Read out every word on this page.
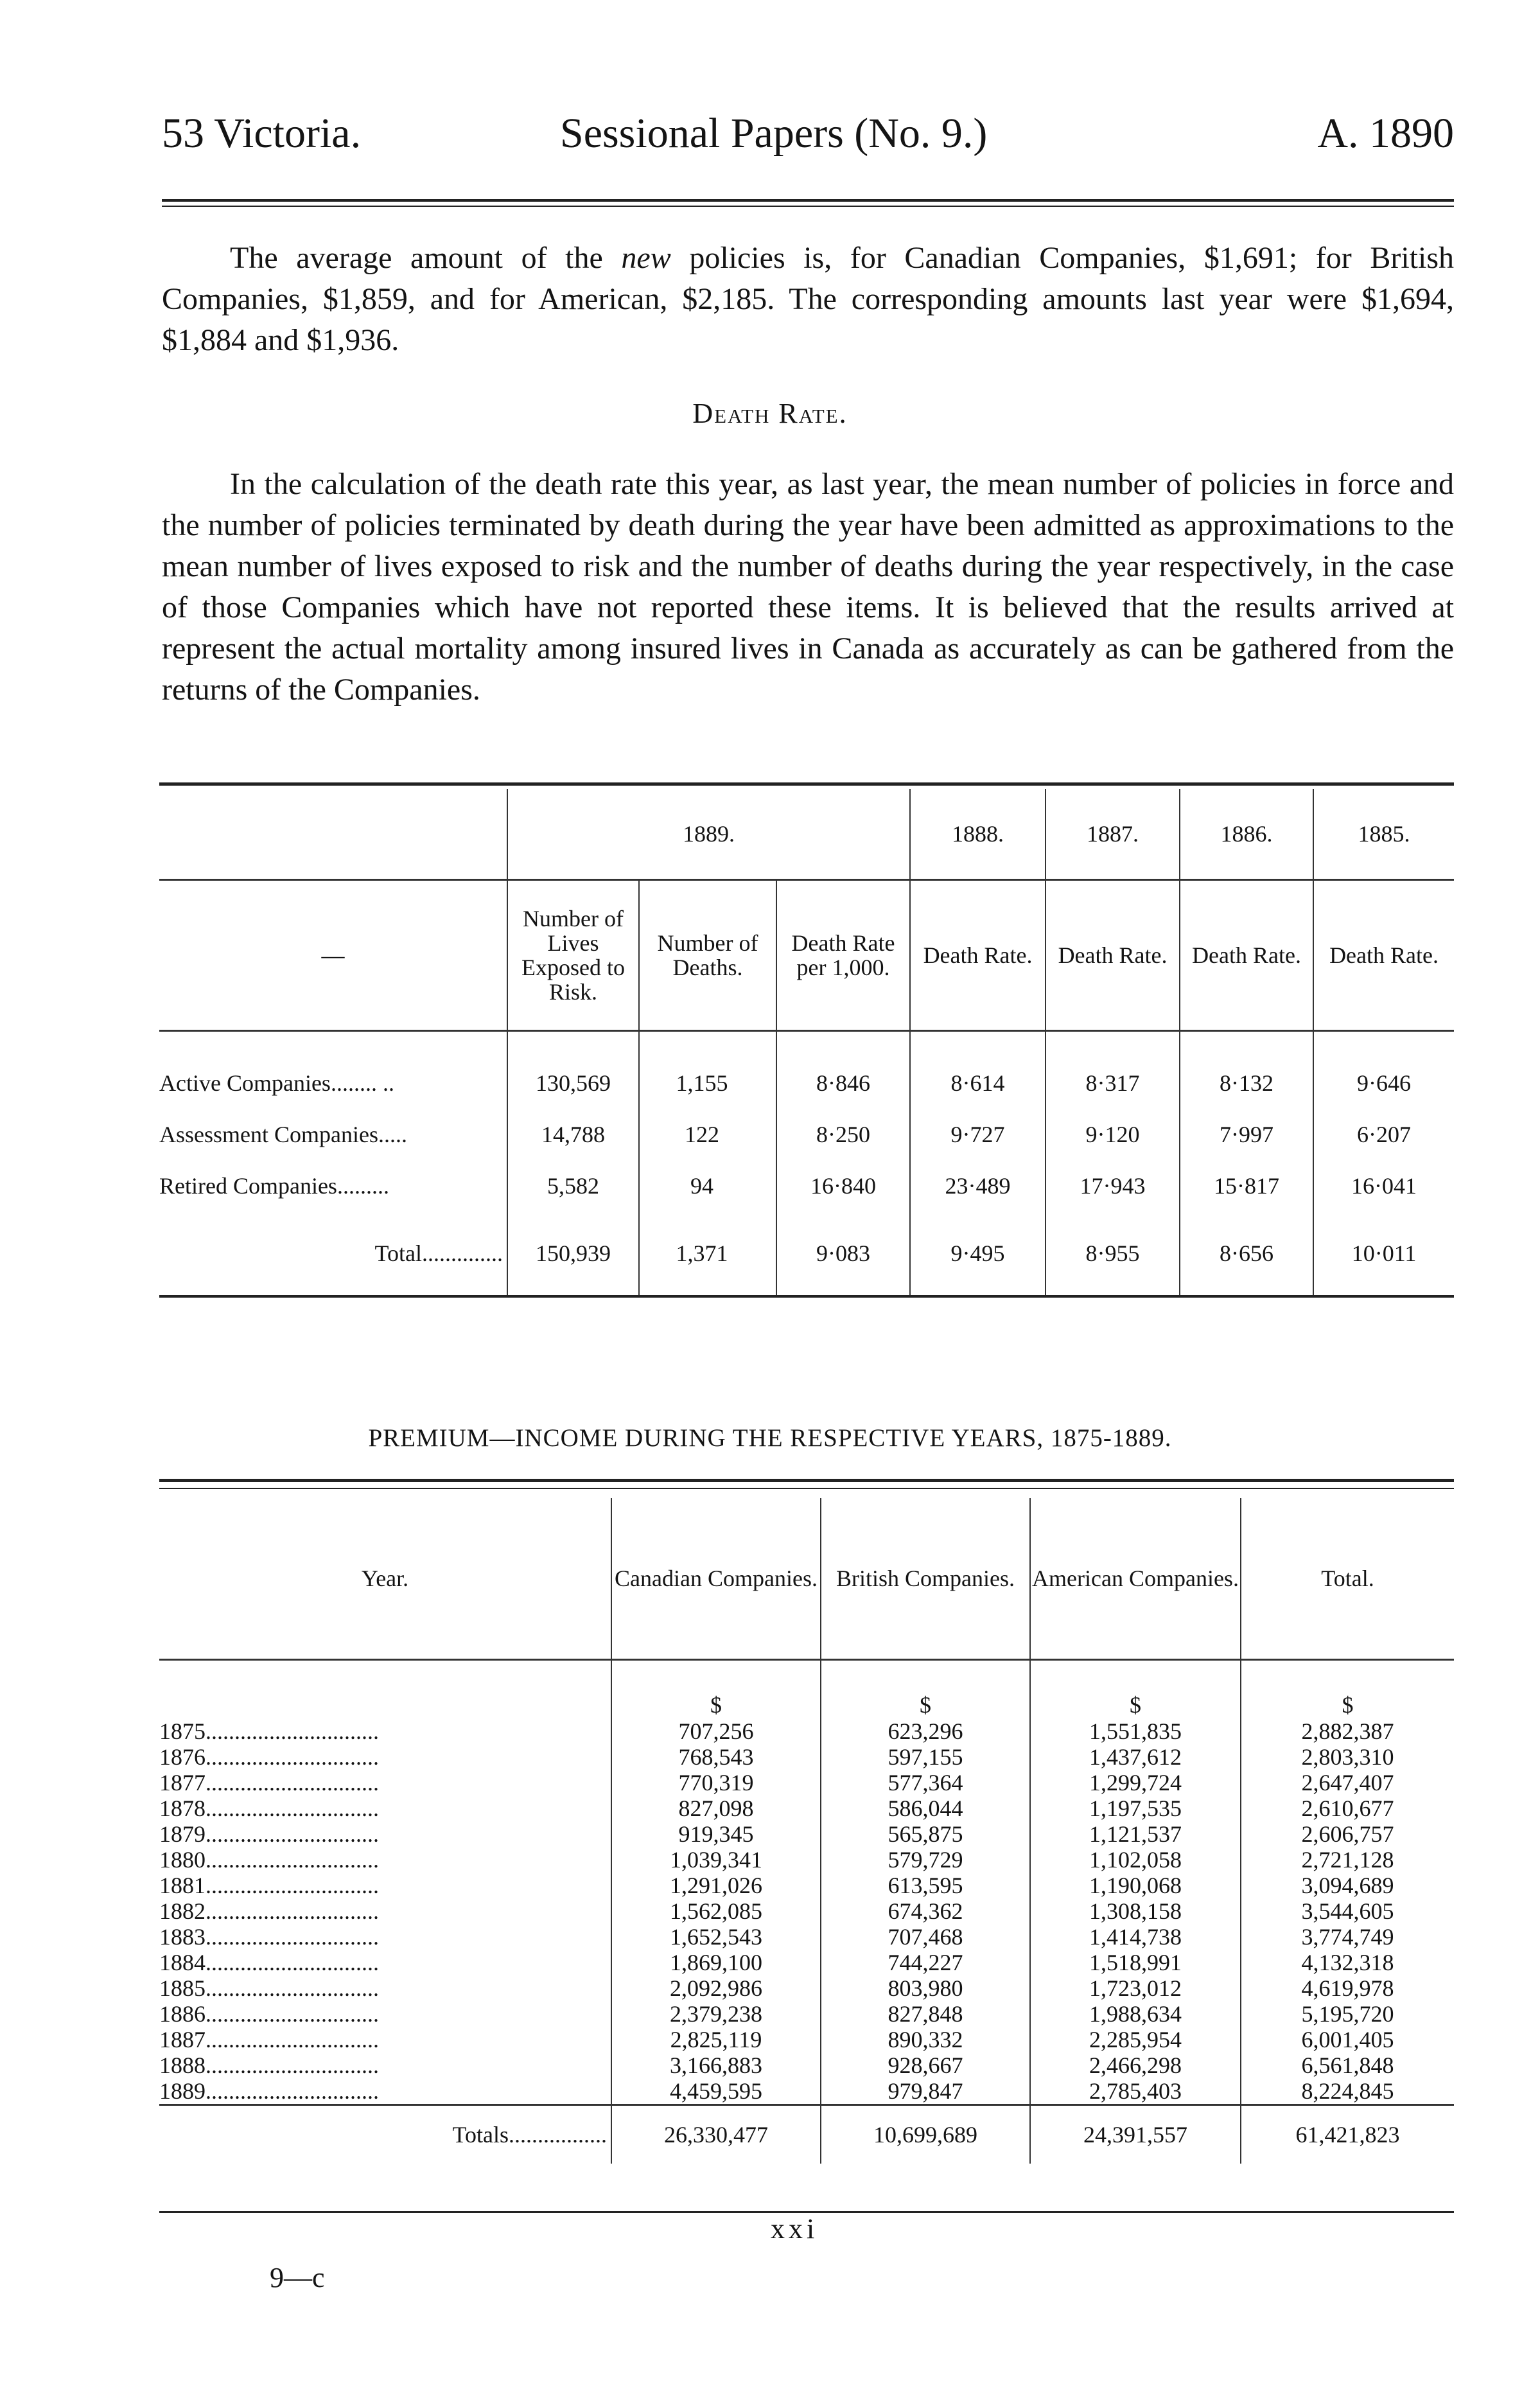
53 Victoria.	Sessional Papers (No. 9.)	A. 1890
The average amount of the new policies is, for Canadian Companies, $1,691; for British Companies, $1,859, and for American, $2,185. The corresponding amounts last year were $1,694, $1,884 and $1,936.
Death Rate.
In the calculation of the death rate this year, as last year, the mean number of policies in force and the number of policies terminated by death during the year have been admitted as approximations to the mean number of lives exposed to risk and the number of deaths during the year respectively, in the case of those Companies which have not reported these items. It is believed that the results arrived at represent the actual mortality among insured lives in Canada as accurately as can be gathered from the returns of the Companies.
	1889.			1888.	1887.	1886.	1885.
—	Number of Lives Exposed to Risk.	Number of Deaths.	Death Rate per 1,000.	Death Rate.	Death Rate.	Death Rate.	Death Rate.
Active Companies........ ..	130,569	1,155	8·846	8·614	8·317	8·132	9·646
Assessment Companies.....	14,788	122	8·250	9·727	9·120	7·997	6·207
Retired Companies.........	5,582	94	16·840	23·489	17·943	15·817	16·041
Total..............	150,939	1,371	9·083	9·495	8·955	8·656	10·011
PREMIUM—INCOME DURING THE RESPECTIVE YEARS, 1875-1889.
Year.	Canadian Companies.	British Companies.	American Companies.	Total.
	$	$	$	$
1875..............................	707,256	623,296	1,551,835	2,882,387
1876..............................	768,543	597,155	1,437,612	2,803,310
1877..............................	770,319	577,364	1,299,724	2,647,407
1878..............................	827,098	586,044	1,197,535	2,610,677
1879..............................	919,345	565,875	1,121,537	2,606,757
1880..............................	1,039,341	579,729	1,102,058	2,721,128
1881..............................	1,291,026	613,595	1,190,068	3,094,689
1882..............................	1,562,085	674,362	1,308,158	3,544,605
1883..............................	1,652,543	707,468	1,414,738	3,774,749
1884..............................	1,869,100	744,227	1,518,991	4,132,318
1885..............................	2,092,986	803,980	1,723,012	4,619,978
1886..............................	2,379,238	827,848	1,988,634	5,195,720
1887..............................	2,825,119	890,332	2,285,954	6,001,405
1888..............................	3,166,883	928,667	2,466,298	6,561,848
1889..............................	4,459,595	979,847	2,785,403	8,224,845
Totals.................	26,330,477	10,699,689	24,391,557	61,421,823
xxi
9—c
